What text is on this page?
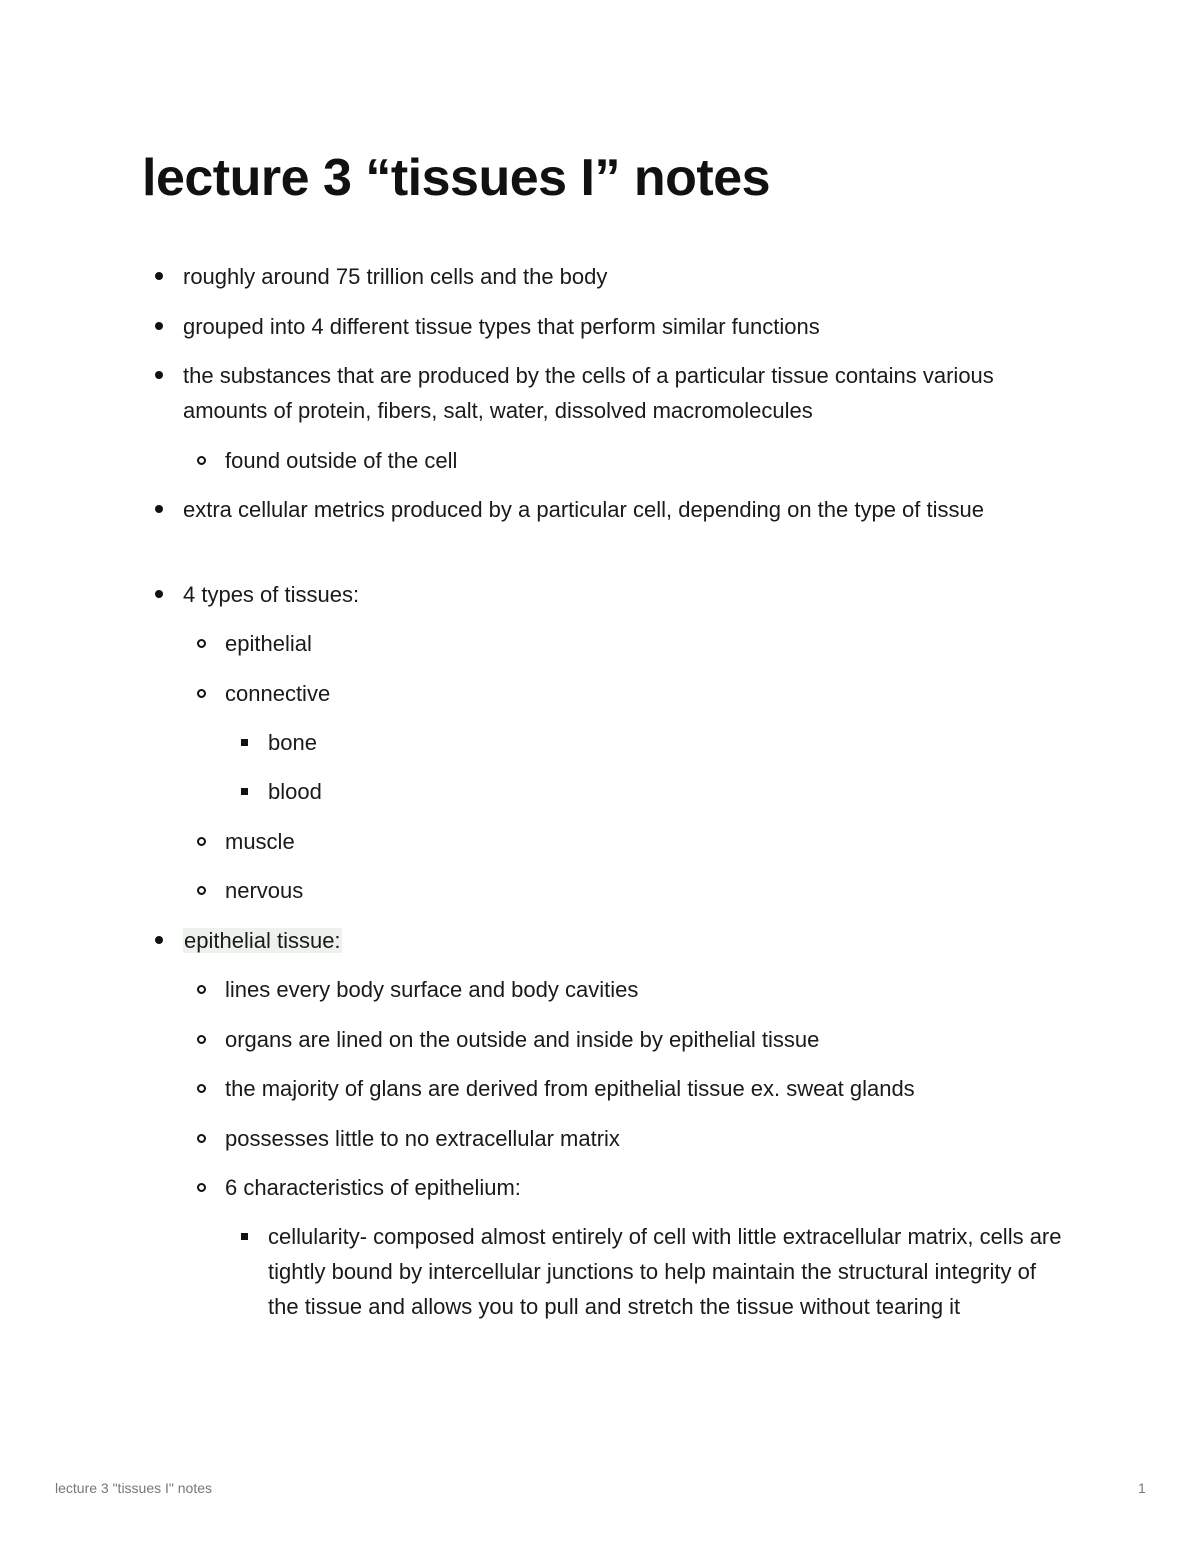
lecture 3 “tissues I” notes
roughly around 75 trillion cells and the body
grouped into 4 different tissue types that perform similar functions
the substances that are produced by the cells of a particular tissue contains various amounts of protein, fibers, salt, water, dissolved macromolecules
found outside of the cell
extra cellular metrics produced by a particular cell, depending on the type of tissue
4 types of tissues:
epithelial
connective
bone
blood
muscle
nervous
epithelial tissue:
lines every body surface and body cavities
organs are lined on the outside and inside by epithelial tissue
the majority of glans are derived from epithelial tissue ex. sweat glands
possesses little to no extracellular matrix
6 characteristics of epithelium:
cellularity- composed almost entirely of cell with little extracellular matrix, cells are tightly bound by intercellular junctions to help maintain the structural integrity of the tissue and allows you to pull and stretch the tissue without tearing it
lecture 3 "tissues I" notes	1
